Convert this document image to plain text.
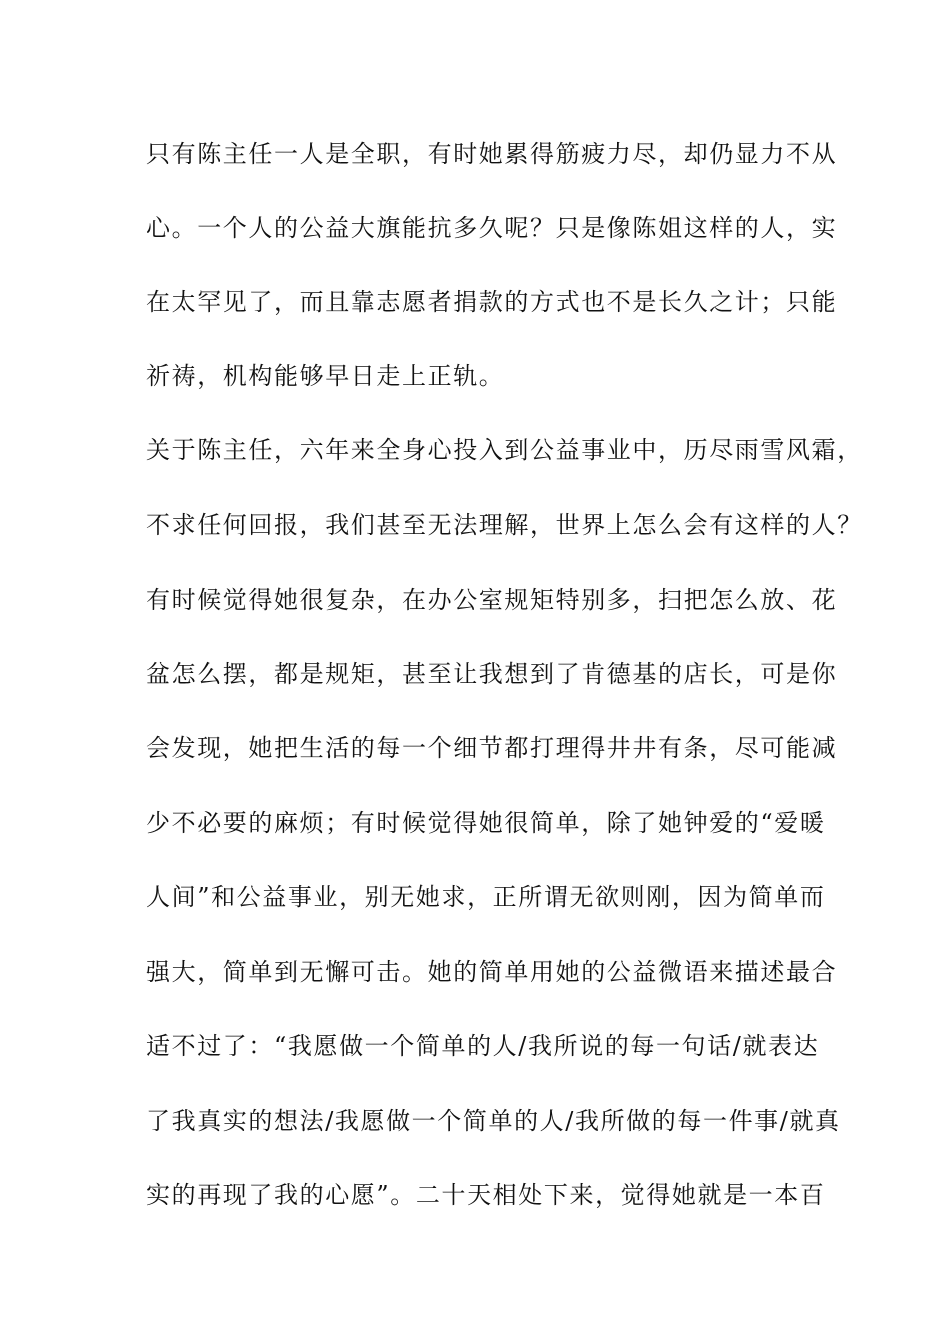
只有陈主任一人是全职，有时她累得筋疲力尽，却仍显力不从
心。一个人的公益大旗能抗多久呢？只是像陈姐这样的人，实
在太罕见了，而且靠志愿者捐款的方式也不是长久之计；只能
祈祷，机构能够早日走上正轨。
关于陈主任，六年来全身心投入到公益事业中，历尽雨雪风霜，
不求任何回报，我们甚至无法理解，世界上怎么会有这样的人？
有时候觉得她很复杂，在办公室规矩特别多，扫把怎么放、花
盆怎么摆，都是规矩，甚至让我想到了肯德基的店长，可是你
会发现，她把生活的每一个细节都打理得井井有条，尽可能减
少不必要的麻烦；有时候觉得她很简单，除了她钟爱的“爱暖
人间”和公益事业，别无她求，正所谓无欲则刚，因为简单而
强大，简单到无懈可击。她的简单用她的公益微语来描述最合
适不过了：“我愿做一个简单的人/我所说的每一句话/就表达
了我真实的想法/我愿做一个简单的人/我所做的每一件事/就真
实的再现了我的心愿”。二十天相处下来，觉得她就是一本百
